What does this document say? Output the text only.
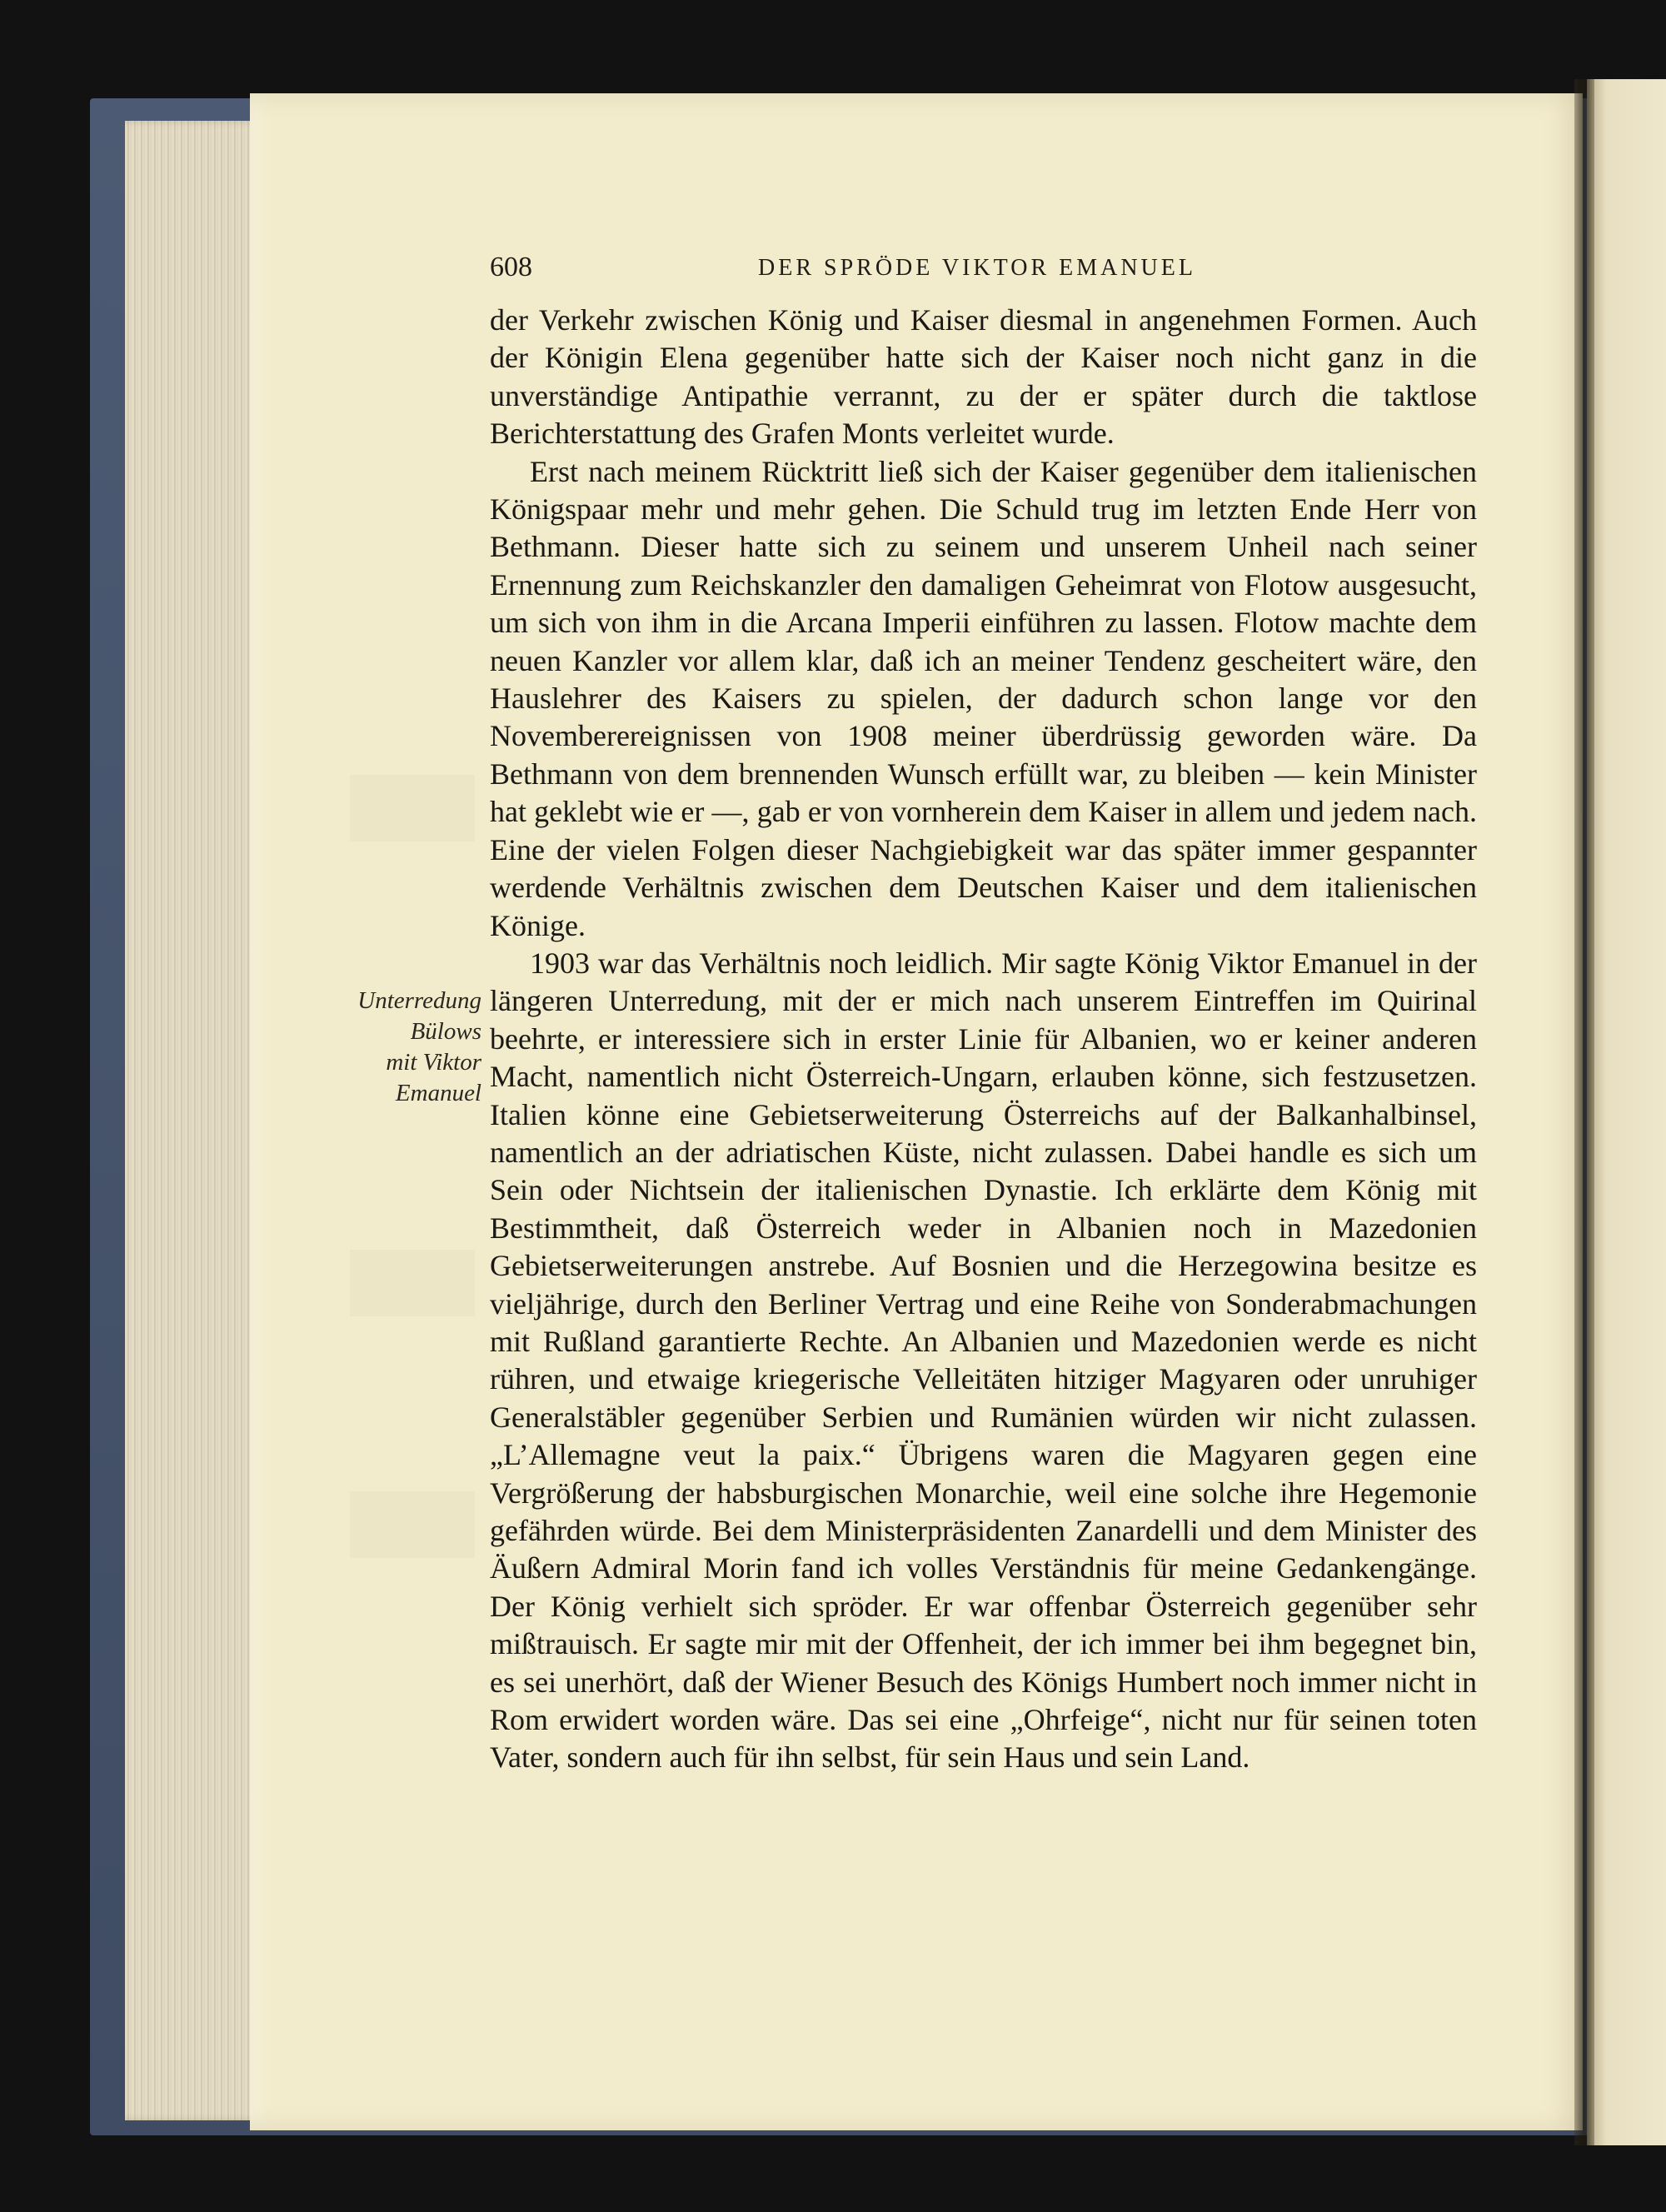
608	DER SPRÖDE VIKTOR EMANUEL
Unterredung
Bülows
mit Viktor
Emanuel

der Verkehr zwischen König und Kaiser diesmal in angenehmen Formen. Auch der Königin Elena gegenüber hatte sich der Kaiser noch nicht ganz in die unverständige Antipathie verrannt, zu der er später durch die taktlose Berichterstattung des Grafen Monts verleitet wurde.

Erst nach meinem Rücktritt ließ sich der Kaiser gegenüber dem italienischen Königspaar mehr und mehr gehen. Die Schuld trug im letzten Ende Herr von Bethmann. Dieser hatte sich zu seinem und unserem Unheil nach seiner Ernennung zum Reichskanzler den damaligen Geheimrat von Flotow ausgesucht, um sich von ihm in die Arcana Imperii einführen zu lassen. Flotow machte dem neuen Kanzler vor allem klar, daß ich an meiner Tendenz gescheitert wäre, den Hauslehrer des Kaisers zu spielen, der dadurch schon lange vor den Novemberereignissen von 1908 meiner überdrüssig geworden wäre. Da Bethmann von dem brennenden Wunsch erfüllt war, zu bleiben — kein Minister hat geklebt wie er —, gab er von vornherein dem Kaiser in allem und jedem nach. Eine der vielen Folgen dieser Nachgiebigkeit war das später immer gespannter werdende Verhältnis zwischen dem Deutschen Kaiser und dem italienischen Könige.

1903 war das Verhältnis noch leidlich. Mir sagte König Viktor Emanuel in der längeren Unterredung, mit der er mich nach unserem Eintreffen im Quirinal beehrte, er interessiere sich in erster Linie für Albanien, wo er keiner anderen Macht, namentlich nicht Österreich-Ungarn, erlauben könne, sich festzusetzen. Italien könne eine Gebietserweiterung Österreichs auf der Balkanhalbinsel, namentlich an der adriatischen Küste, nicht zulassen. Dabei handle es sich um Sein oder Nichtsein der italienischen Dynastie. Ich erklärte dem König mit Bestimmtheit, daß Österreich weder in Albanien noch in Mazedonien Gebietserweiterungen anstrebe. Auf Bosnien und die Herzegowina besitze es vieljährige, durch den Berliner Vertrag und eine Reihe von Sonderabmachungen mit Rußland garantierte Rechte. An Albanien und Mazedonien werde es nicht rühren, und etwaige kriegerische Velleitäten hitziger Magyaren oder unruhiger Generalstäbler gegenüber Serbien und Rumänien würden wir nicht zulassen. „L’Allemagne veut la paix.“ Übrigens waren die Magyaren gegen eine Vergrößerung der habsburgischen Monarchie, weil eine solche ihre Hegemonie gefährden würde. Bei dem Ministerpräsidenten Zanardelli und dem Minister des Äußern Admiral Morin fand ich volles Verständnis für meine Gedankengänge. Der König verhielt sich spröder. Er war offenbar Österreich gegenüber sehr mißtrauisch. Er sagte mir mit der Offenheit, der ich immer bei ihm begegnet bin, es sei unerhört, daß der Wiener Besuch des Königs Humbert noch immer nicht in Rom erwidert worden wäre. Das sei eine „Ohrfeige“, nicht nur für seinen toten Vater, sondern auch für ihn selbst, für sein Haus und sein Land.
